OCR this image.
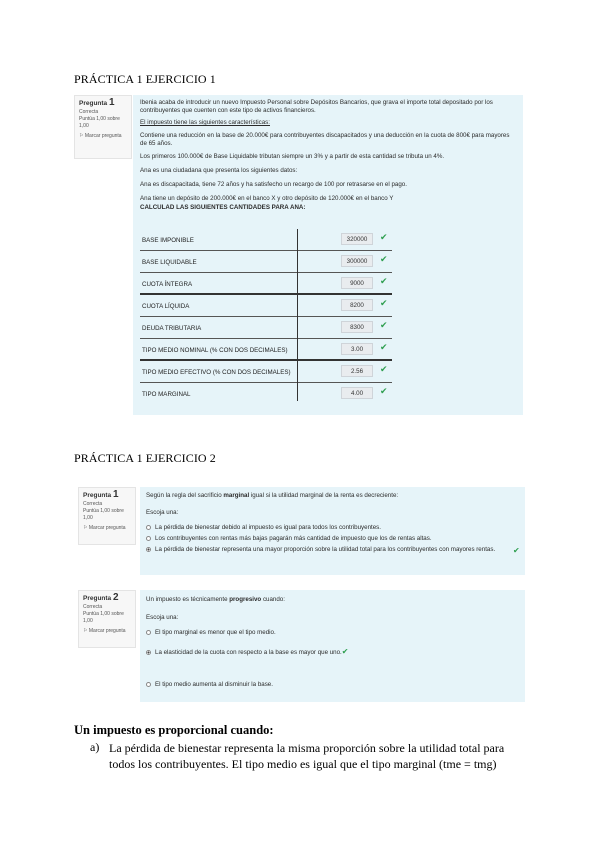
PRÁCTICA 1 EJERCICIO 1
Pregunta 1
Correcta
Puntúa 1,00 sobre 1,00
⚐ Marcar pregunta

Ibenia acaba de introducir un nuevo Impuesto Personal sobre Depósitos Bancarios, que grava el importe total depositado por los contribuyentes que cuenten con este tipo de activos financieros.

El impuesto tiene las siguientes características:

Contiene una reducción en la base de 20.000€ para contribuyentes discapacitados y una deducción en la cuota de 800€ para mayores de 65 años.

Los primeros 100.000€ de Base Liquidable tributan siempre un 3% y a partir de esta cantidad se tributa un 4%.

Ana es una ciudadana que presenta los siguientes datos:

Ana es discapacitada, tiene 72 años y ha satisfecho un recargo de 100 por retrasarse en el pago.

Ana tiene un depósito de 200.000€ en el banco X y otro depósito de 120.000€ en el banco Y

CALCULAD LAS SIGUIENTES CANTIDADES PARA ANA:

BASE IMPONIBLE	320000	✔
BASE LIQUIDABLE	300000	✔
CUOTA ÍNTEGRA	9000	✔
CUOTA LÍQUIDA	8200	✔
DEUDA TRIBUTARIA	8300	✔
TIPO MEDIO NOMINAL (% CON DOS DECIMALES)	3.00	✔
TIPO MEDIO EFECTIVO (% CON DOS DECIMALES)	2.56	✔
TIPO MARGINAL	4.00	✔
PRÁCTICA 1 EJERCICIO 2
Pregunta 1
Correcta
Puntúa 1,00 sobre 1,00
⚐ Marcar pregunta

Según la regla del sacrificio marginal igual si la utilidad marginal de la renta es decreciente:

Escoja una:

La pérdida de bienestar debido al impuesto es igual para todos los contribuyentes.
Los contribuyentes con rentas más bajas pagarán más cantidad de impuesto que los de rentas altas.
La pérdida de bienestar representa una mayor proporción sobre la utilidad total para los contribuyentes con mayores rentas.	✔
Pregunta 2
Correcta
Puntúa 1,00 sobre 1,00
⚐ Marcar pregunta

Un impuesto es técnicamente progresivo cuando:

Escoja una:

El tipo marginal es menor que el tipo medio.
La elasticidad de la cuota con respecto a la base es mayor que uno.✔
El tipo medio aumenta al disminuir la base.
Un impuesto es proporcional cuando:
a) La pérdida de bienestar representa la misma proporción sobre la utilidad total para todos los contribuyentes. El tipo medio es igual que el tipo marginal (tme = tmg)
